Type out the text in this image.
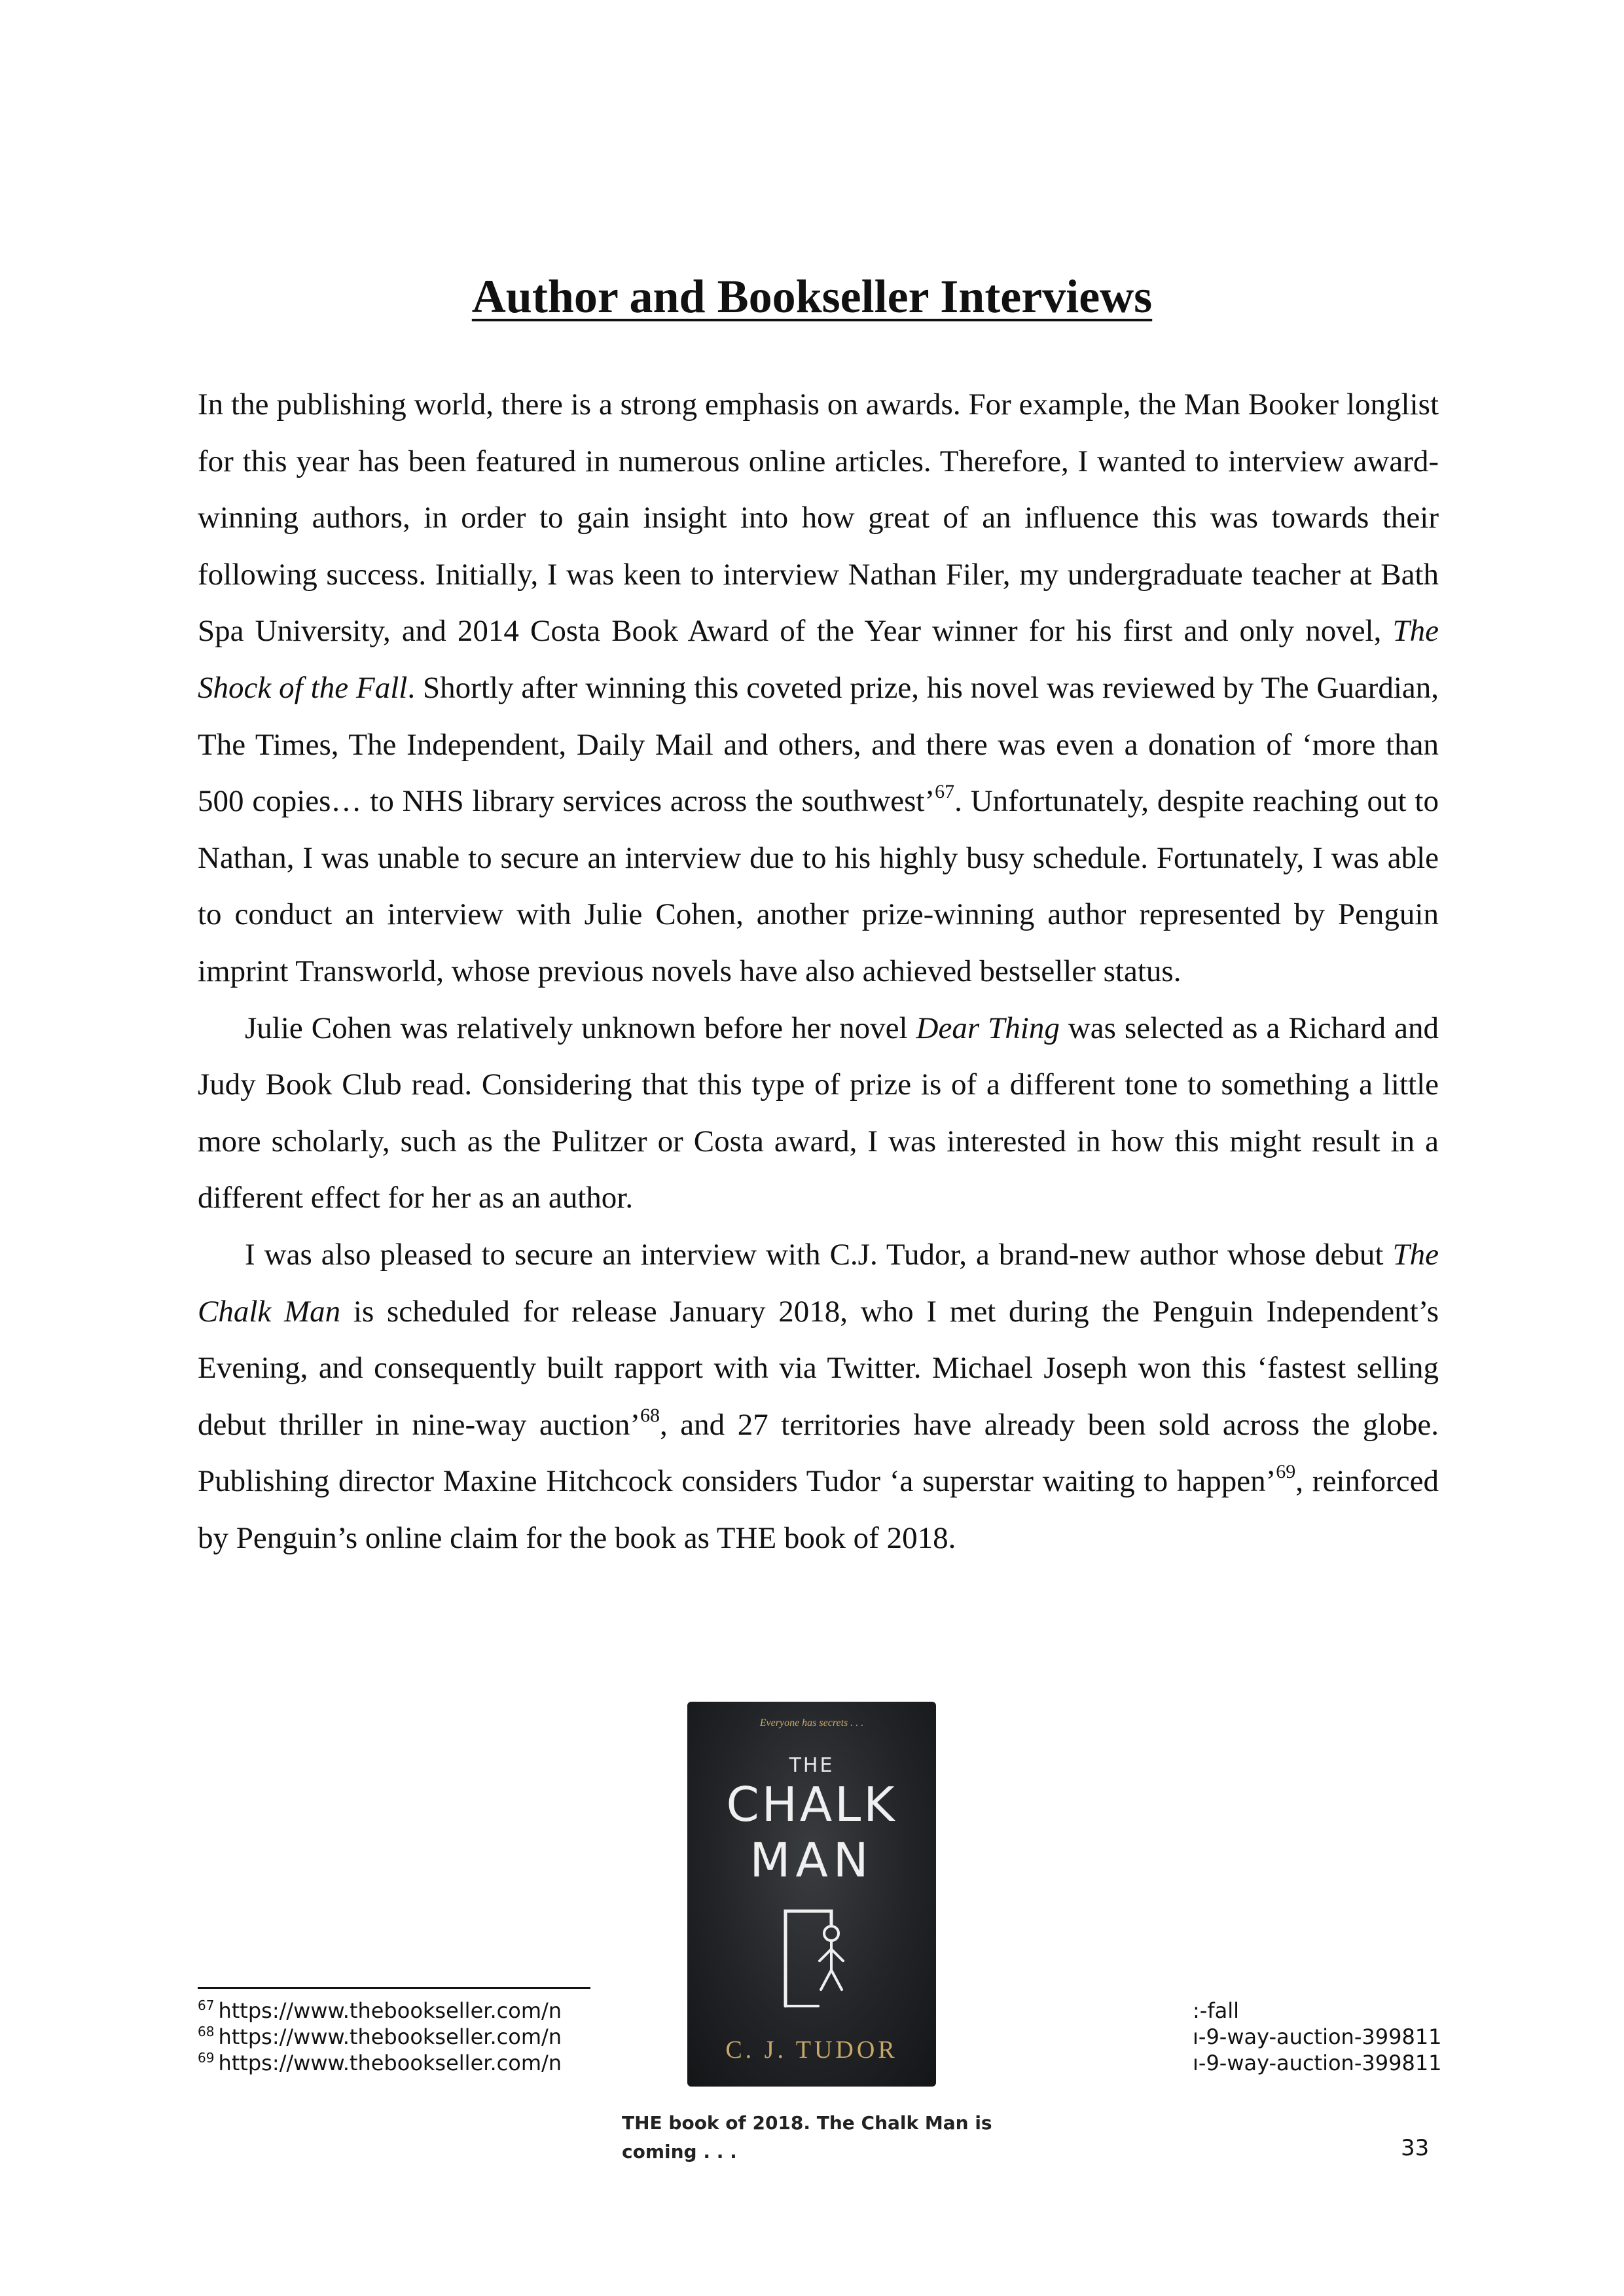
Author and Bookseller Interviews

In the publishing world, there is a strong emphasis on awards. For example, the Man Booker longlist for this year has been featured in numerous online articles. Therefore, I wanted to interview award-winning authors, in order to gain insight into how great of an influence this was towards their following success. Initially, I was keen to interview Nathan Filer, my undergraduate teacher at Bath Spa University, and 2014 Costa Book Award of the Year winner for his first and only novel, The Shock of the Fall. Shortly after winning this coveted prize, his novel was reviewed by The Guardian, The Times, The Independent, Daily Mail and others, and there was even a donation of ‘more than 500 copies… to NHS library services across the southwest’$^{67}$. Unfortunately, despite reaching out to Nathan, I was unable to secure an interview due to his highly busy schedule. Fortunately, I was able to conduct an interview with Julie Cohen, another prize-winning author represented by Penguin imprint Transworld, whose previous novels have also achieved bestseller status.

Julie Cohen was relatively unknown before her novel Dear Thing was selected as a Richard and Judy Book Club read. Considering that this type of prize is of a different tone to something a little more scholarly, such as the Pulitzer or Costa award, I was interested in how this might result in a different effect for her as an author.

I was also pleased to secure an interview with C.J. Tudor, a brand-new author whose debut The Chalk Man is scheduled for release January 2018, who I met during the Penguin Independent’s Evening, and consequently built rapport with via Twitter. Michael Joseph won this ‘fastest selling debut thriller in nine-way auction’$^{68}$, and 27 territories have already been sold across the globe. Publishing director Maxine Hitchcock considers Tudor ‘a superstar waiting to happen’$^{69}$, reinforced by Penguin’s online claim for the book as THE book of 2018.

Everyone has secrets . . .
THE
CHALK
MAN
C. J. TUDOR
THE book of 2018. The Chalk Man is coming . . .
$^{67}$ https://www.thebookseller.com/n	:-fall
$^{68}$ https://www.thebookseller.com/n	ı-9-way-auction-399811
$^{69}$ https://www.thebookseller.com/n	ı-9-way-auction-399811
33
